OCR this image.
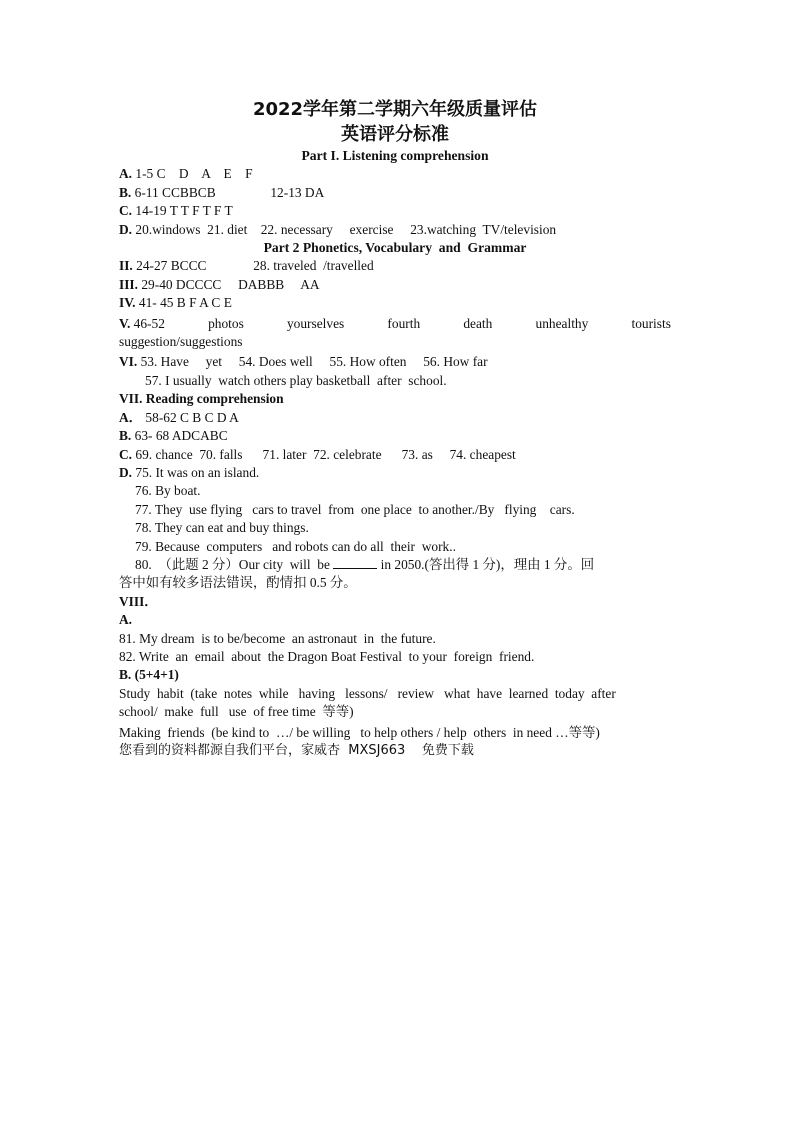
2022学年第二学期六年级质量评估
英语评分标准
Part I. Listening comprehension
A. 1-5 C    D    A    E    F
B. 6-11 CCBBCB	12-13 DA
C. 14-19 T T F T F T
D. 20.windows  21. diet    22. necessary     exercise     23.watching  TV/television
Part 2 Phonetics, Vocabulary  and  Grammar
II. 24-27 BCCC	28. traveled  /travelled
III. 29-40 DCCCC     DABBB     AA
IV. 41- 45 B F A C E
V. 46-52	photos	yourselves	fourth	death	unhealthy	tourists
suggestion/suggestions
VI. 53. Have     yet     54. Does well     55. How often     56. How far
57. I usually  watch others play basketball  after  school.
VII. Reading comprehension
A． 58-62 C B C D A
B. 63- 68 ADCABC
C. 69. chance  70. falls      71. later  72. celebrate      73. as     74. cheapest
D. 75. It was on an island.
76. By boat.
77. They  use flying   cars to travel  from  one place  to another./By   flying    cars.
78. They can eat and buy things.
79. Because  computers   and robots can do all  their  work..
80.  （此题 2 分）Our city  will  be	in 2050.(答出得 1 分)，理由 1 分。回
答中如有较多语法错误，酌情扣 0.5 分。
VIII．
A.
81. My dream  is to be/become  an astronaut  in  the future.
82. Write  an  email  about  the Dragon Boat Festival  to your  foreign  friend.
B. (5+4+1)
Study  habit  (take  notes  while   having   lessons/   review   what  have  learned  today  after
school/  make  full   use  of free time  等等)
Making  friends  (be kind to  …/ be willing   to help others / help  others  in need …等等)
您看到的资料都源自我们平台，家威杏  MXSJ663    免费下载
